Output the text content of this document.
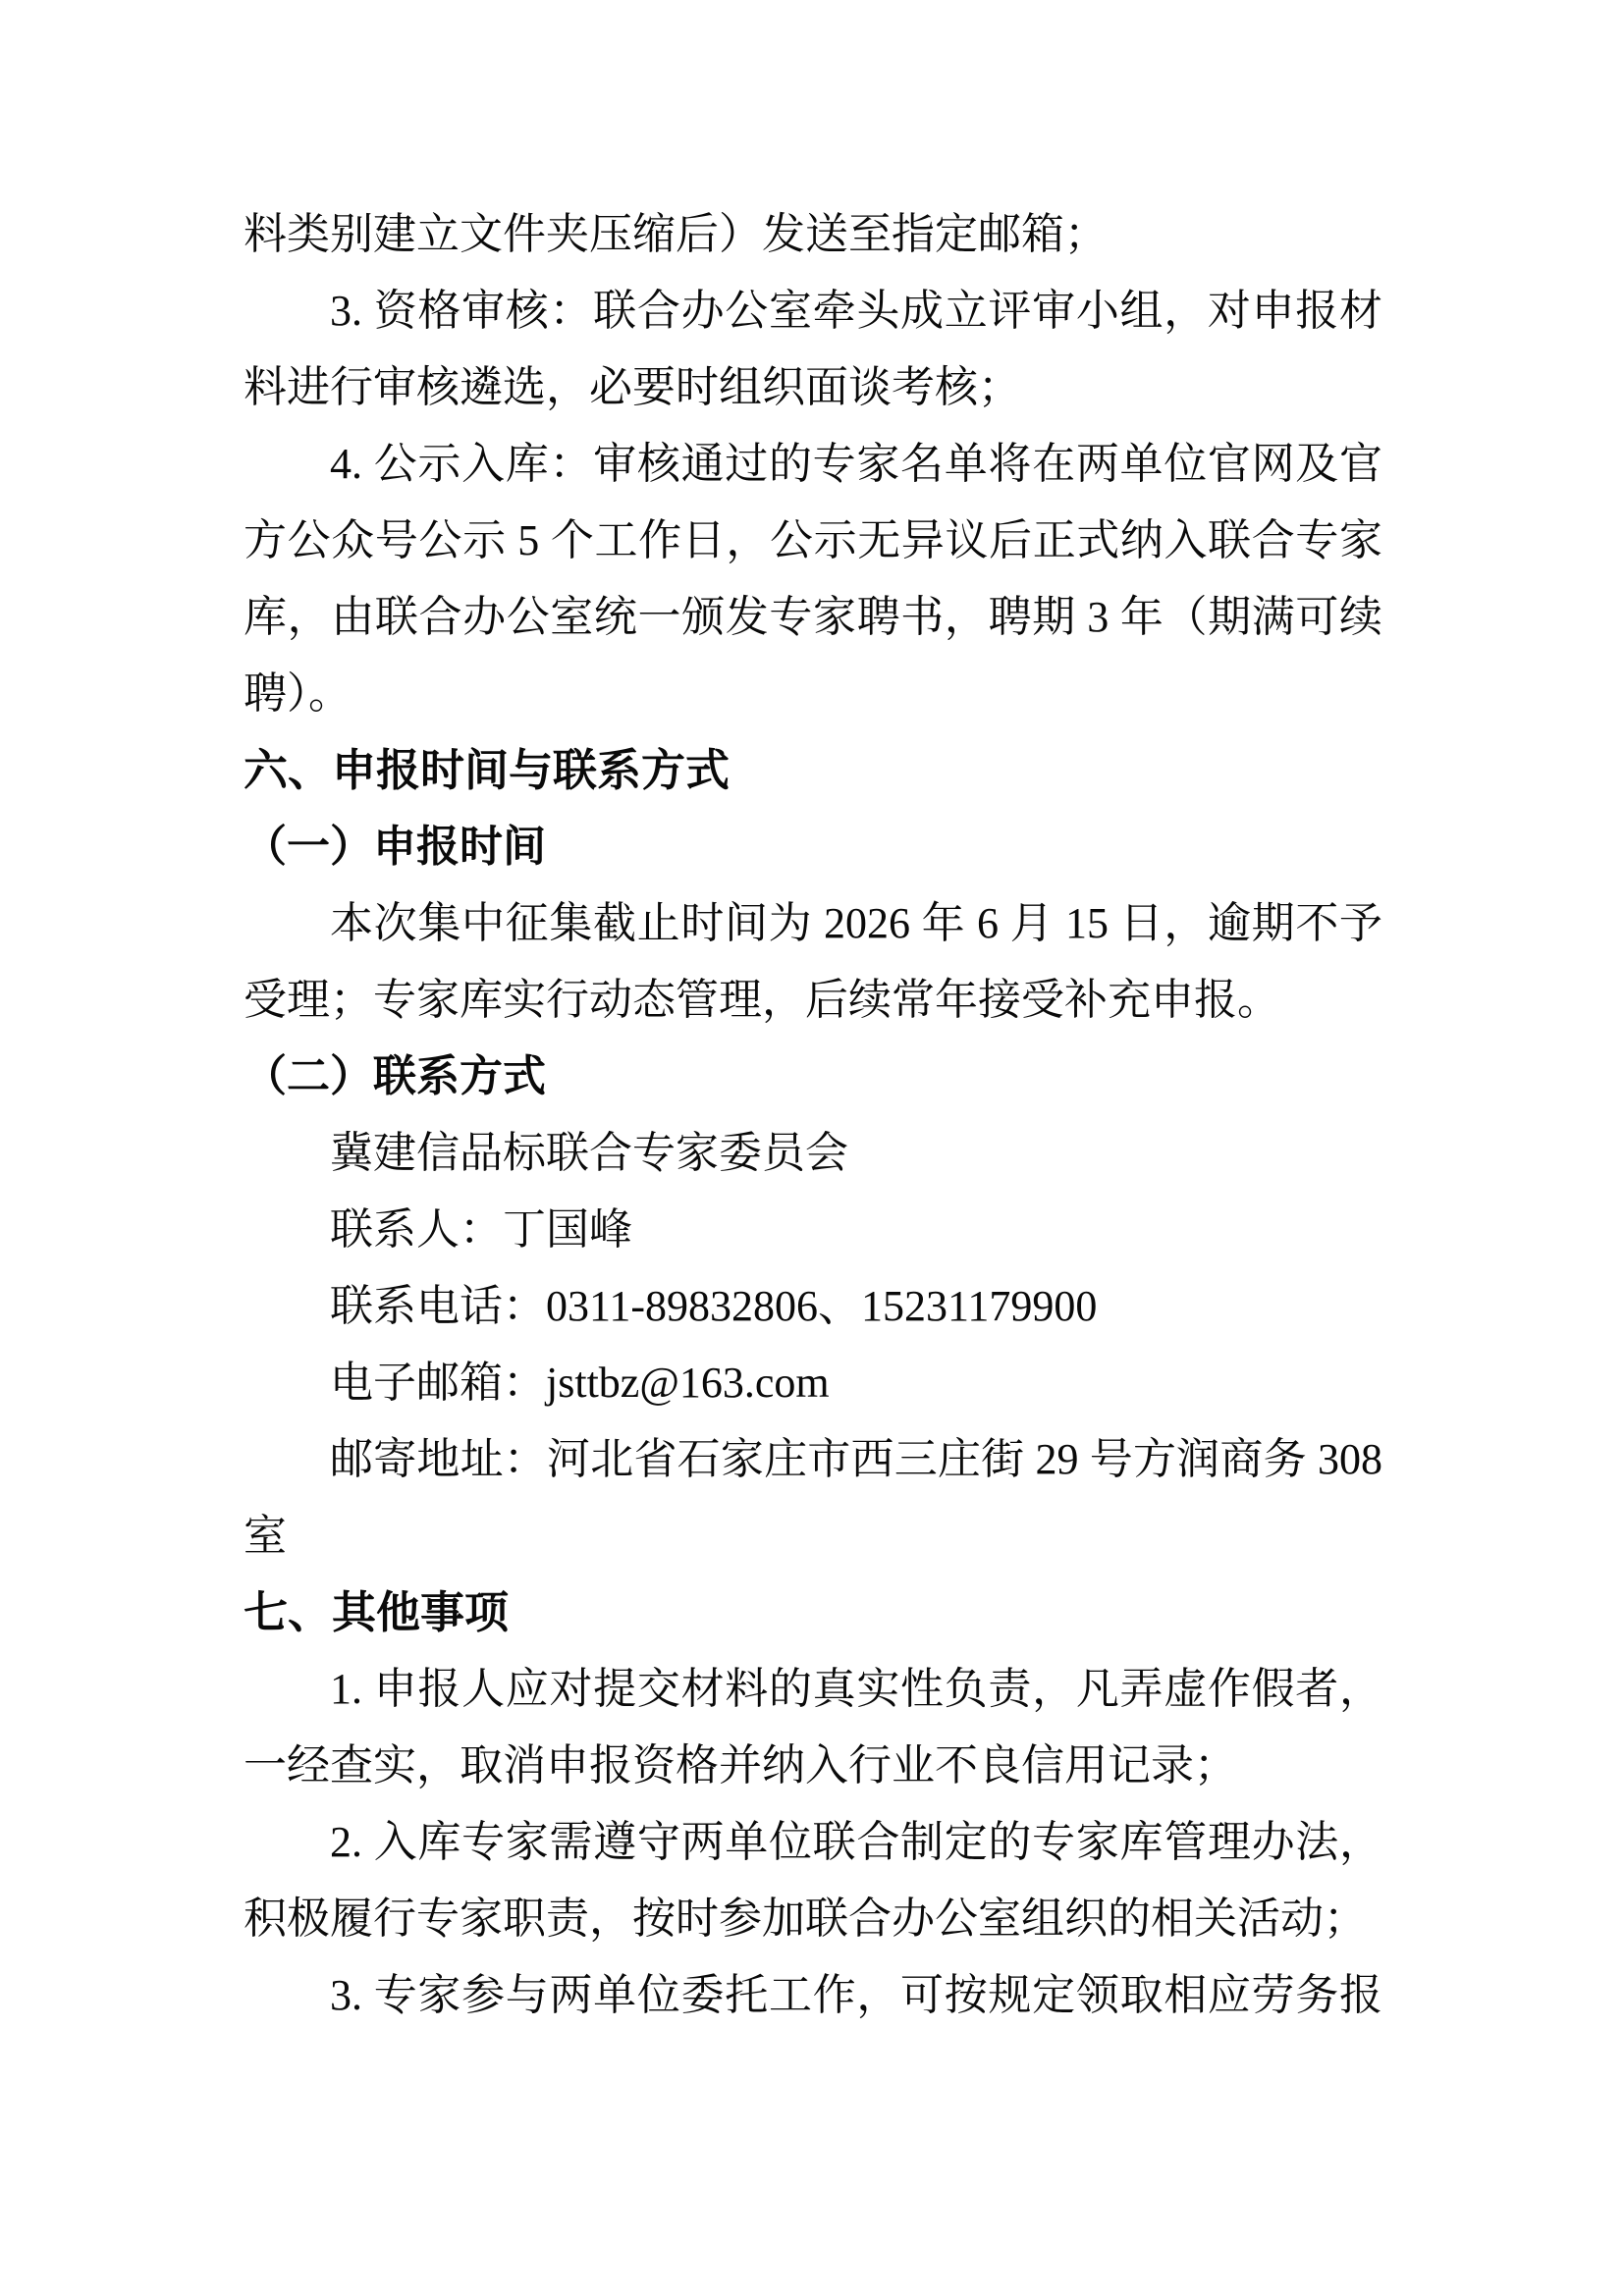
料类别建立文件夹压缩后）发送至指定邮箱；
3. 资格审核：联合办公室牵头成立评审小组，对申报材
料进行审核遴选，必要时组织面谈考核；
4. 公示入库：审核通过的专家名单将在两单位官网及官
方公众号公示 5 个工作日，公示无异议后正式纳入联合专家
库，由联合办公室统一颁发专家聘书，聘期 3 年（期满可续
聘）。
六、申报时间与联系方式
（一）申报时间
本次集中征集截止时间为 2026 年 6 月 15 日，逾期不予
受理；专家库实行动态管理，后续常年接受补充申报。
（二）联系方式
冀建信品标联合专家委员会
联系人：丁国峰
联系电话：0311-89832806、15231179900
电子邮箱：jsttbz@163.com
邮寄地址：河北省石家庄市西三庄街 29 号方润商务 308
室
七、其他事项
1. 申报人应对提交材料的真实性负责，凡弄虚作假者，
一经查实，取消申报资格并纳入行业不良信用记录；
2. 入库专家需遵守两单位联合制定的专家库管理办法，
积极履行专家职责，按时参加联合办公室组织的相关活动；
3. 专家参与两单位委托工作，可按规定领取相应劳务报
